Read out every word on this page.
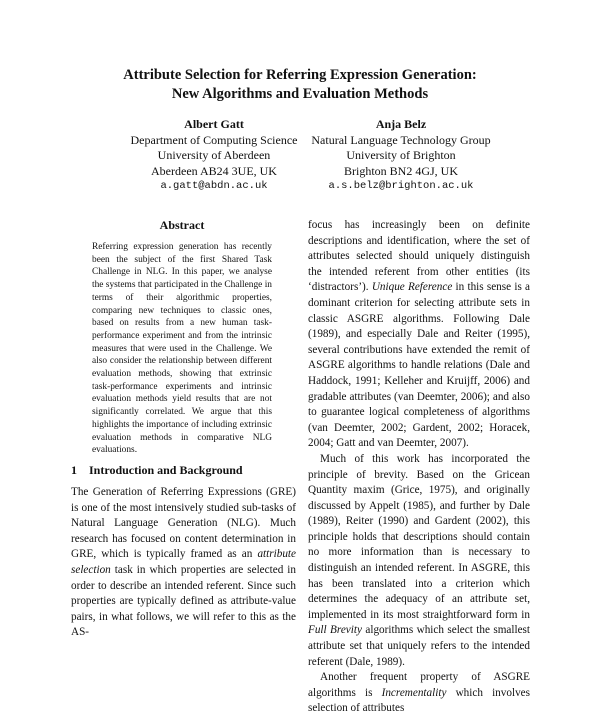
Attribute Selection for Referring Expression Generation:
New Algorithms and Evaluation Methods
Albert Gatt
Department of Computing Science
University of Aberdeen
Aberdeen AB24 3UE, UK
a.gatt@abdn.ac.uk
Anja Belz
Natural Language Technology Group
University of Brighton
Brighton BN2 4GJ, UK
a.s.belz@brighton.ac.uk
Abstract
Referring expression generation has recently been the subject of the first Shared Task Challenge in NLG. In this paper, we analyse the systems that participated in the Challenge in terms of their algorithmic properties, comparing new techniques to classic ones, based on results from a new human task-performance experiment and from the intrinsic measures that were used in the Challenge. We also consider the relationship between different evaluation methods, showing that extrinsic task-performance experiments and intrinsic evaluation methods yield results that are not significantly correlated. We argue that this highlights the importance of including extrinsic evaluation methods in comparative NLG evaluations.
1 Introduction and Background

The Generation of Referring Expressions (GRE) is one of the most intensively studied sub-tasks of Natural Language Generation (NLG). Much research has focused on content determination in GRE, which is typically framed as an attribute selection task in which properties are selected in order to describe an intended referent. Since such properties are typically defined as attribute-value pairs, in what follows, we will refer to this as the AS-

focus has increasingly been on definite descriptions and identification, where the set of attributes selected should uniquely distinguish the intended referent from other entities (its ‘distractors’). Unique Reference in this sense is a dominant criterion for selecting attribute sets in classic ASGRE algorithms. Following Dale (1989), and especially Dale and Reiter (1995), several contributions have extended the remit of ASGRE algorithms to handle relations (Dale and Haddock, 1991; Kelleher and Kruijff, 2006) and gradable attributes (van Deemter, 2006); and also to guarantee logical completeness of algorithms (van Deemter, 2002; Gardent, 2002; Horacek, 2004; Gatt and van Deemter, 2007).

Much of this work has incorporated the principle of brevity. Based on the Gricean Quantity maxim (Grice, 1975), and originally discussed by Appelt (1985), and further by Dale (1989), Reiter (1990) and Gardent (2002), this principle holds that descriptions should contain no more information than is necessary to distinguish an intended referent. In ASGRE, this has been translated into a criterion which determines the adequacy of an attribute set, implemented in its most straightforward form in Full Brevity algorithms which select the smallest attribute set that uniquely refers to the intended referent (Dale, 1989).

Another frequent property of ASGRE algorithms is Incrementality which involves selection of attributes
